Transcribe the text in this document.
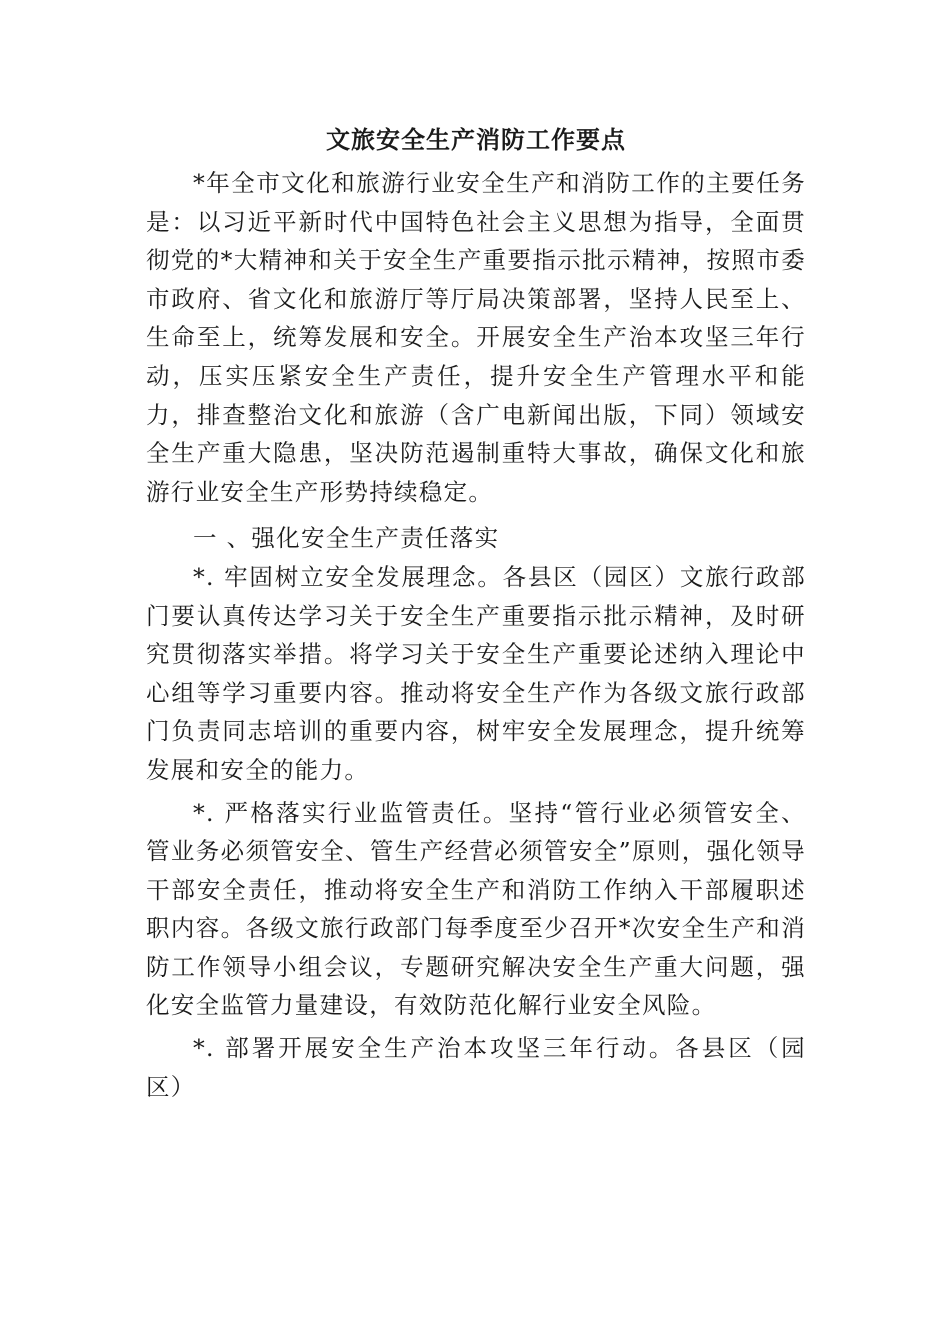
文旅安全生产消防工作要点

*年全市文化和旅游行业安全生产和消防工作的主要任务是：以习近平新时代中国特色社会主义思想为指导，全面贯彻党的*大精神和关于安全生产重要指示批示精神，按照市委市政府、省文化和旅游厅等厅局决策部署，坚持人民至上、生命至上，统筹发展和安全。开展安全生产治本攻坚三年行动，压实压紧安全生产责任，提升安全生产管理水平和能力，排查整治文化和旅游（含广电新闻出版，下同）领域安全生产重大隐患，坚决防范遏制重特大事故，确保文化和旅游行业安全生产形势持续稳定。

一 、强化安全生产责任落实

*. 牢固树立安全发展理念。各县区（园区）文旅行政部门要认真传达学习关于安全生产重要指示批示精神，及时研究贯彻落实举措。将学习关于安全生产重要论述纳入理论中心组等学习重要内容。推动将安全生产作为各级文旅行政部门负责同志培训的重要内容，树牢安全发展理念，提升统筹发展和安全的能力。

*. 严格落实行业监管责任。坚持“管行业必须管安全、管业务必须管安全、管生产经营必须管安全”原则，强化领导干部安全责任，推动将安全生产和消防工作纳入干部履职述职内容。各级文旅行政部门每季度至少召开*次安全生产和消防工作领导小组会议，专题研究解决安全生产重大问题，强化安全监管力量建设，有效防范化解行业安全风险。

*. 部署开展安全生产治本攻坚三年行动。各县区（园区）
